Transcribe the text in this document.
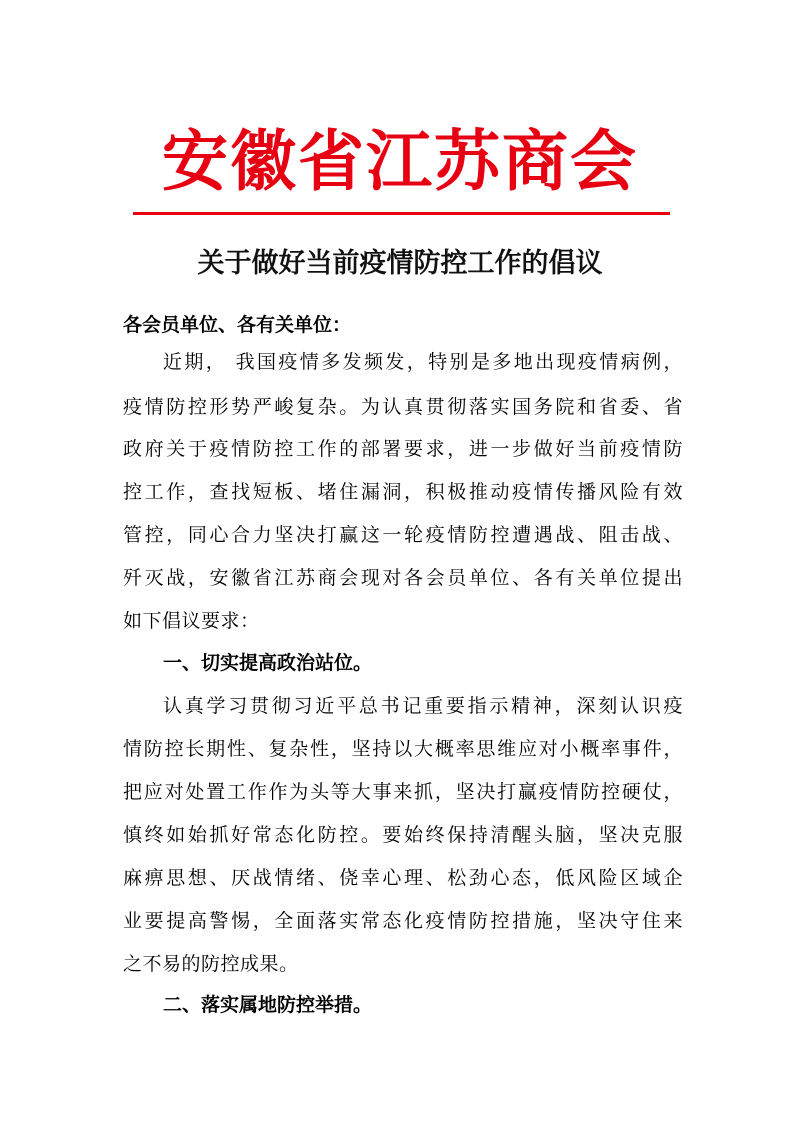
安徽省江苏商会
关于做好当前疫情防控工作的倡议
各会员单位、各有关单位：
近期， 我国疫情多发频发，特别是多地出现疫情病例，
疫情防控形势严峻复杂。为认真贯彻落实国务院和省委、省
政府关于疫情防控工作的部署要求，进一步做好当前疫情防
控工作，查找短板、堵住漏洞，积极推动疫情传播风险有效
管控，同心合力坚决打赢这一轮疫情防控遭遇战、阻击战、
歼灭战，安徽省江苏商会现对各会员单位、各有关单位提出
如下倡议要求：
一、切实提高政治站位。
认真学习贯彻习近平总书记重要指示精神，深刻认识疫
情防控长期性、复杂性，坚持以大概率思维应对小概率事件，
把应对处置工作作为头等大事来抓，坚决打赢疫情防控硬仗，
慎终如始抓好常态化防控。要始终保持清醒头脑，坚决克服
麻痹思想、厌战情绪、侥幸心理、松劲心态，低风险区域企
业要提高警惕，全面落实常态化疫情防控措施，坚决守住来
之不易的防控成果。
二、落实属地防控举措。
